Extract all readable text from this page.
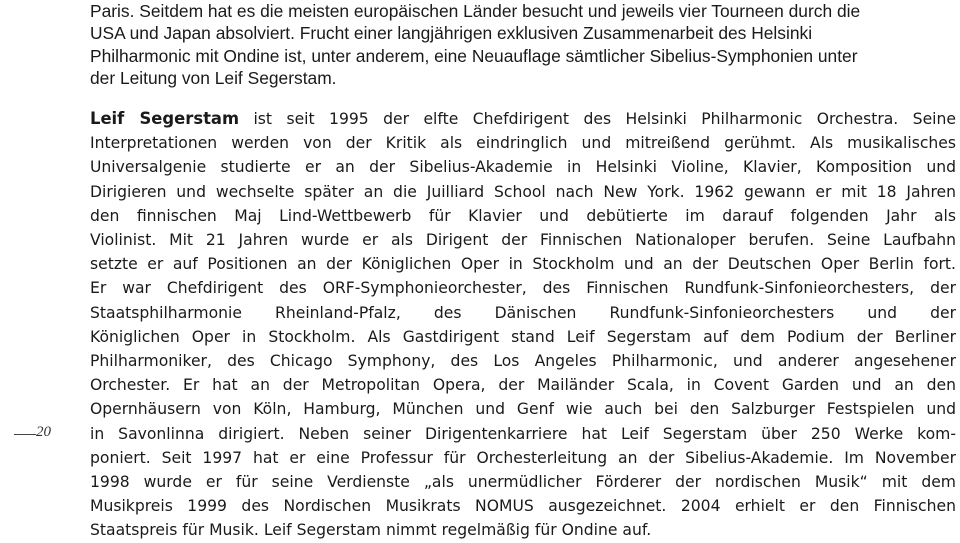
Paris. Seitdem hat es die meisten europäischen Länder besucht und jeweils vier Tourneen durch die
USA und Japan absolviert. Frucht einer langjährigen exklusiven Zusammenarbeit des Helsinki
Philharmonic mit Ondine ist, unter anderem, eine Neuauflage sämtlicher Sibelius-Symphonien unter
der Leitung von Leif Segerstam.
Leif Segerstam ist seit 1995 der elfte Chefdirigent des Helsinki Philharmonic Orchestra. Seine
Interpretationen werden von der Kritik als eindringlich und mitreißend gerühmt. Als musikalisches
Universalgenie studierte er an der Sibelius-Akademie in Helsinki Violine, Klavier, Komposition und
Dirigieren und wechselte später an die Juilliard School nach New York. 1962 gewann er mit 18 Jahren
den finnischen Maj Lind-Wettbewerb für Klavier und debütierte im darauf folgenden Jahr als
Violinist. Mit 21 Jahren wurde er als Dirigent der Finnischen Nationaloper berufen. Seine Laufbahn
setzte er auf Positionen an der Königlichen Oper in Stockholm und an der Deutschen Oper Berlin fort.
Er war Chefdirigent des ORF-Symphonieorchester, des Finnischen Rundfunk-Sinfonieorchesters, der
Staatsphilharmonie Rheinland-Pfalz, des Dänischen Rundfunk-Sinfonieorchesters und der
Königlichen Oper in Stockholm. Als Gastdirigent stand Leif Segerstam auf dem Podium der Berliner
Philharmoniker, des Chicago Symphony, des Los Angeles Philharmonic, und anderer angesehener
Orchester. Er hat an der Metropolitan Opera, der Mailänder Scala, in Covent Garden und an den
Opernhäusern von Köln, Hamburg, München und Genf wie auch bei den Salzburger Festspielen und
in Savonlinna dirigiert. Neben seiner Dirigentenkarriere hat Leif Segerstam über 250 Werke kom-
poniert. Seit 1997 hat er eine Professur für Orchesterleitung an der Sibelius-Akademie. Im November
1998 wurde er für seine Verdienste „als unermüdlicher Förderer der nordischen Musik“ mit dem
Musikpreis 1999 des Nordischen Musikrats NOMUS ausgezeichnet. 2004 erhielt er den Finnischen
Staatspreis für Musik. Leif Segerstam nimmt regelmäßig für Ondine auf.
20
